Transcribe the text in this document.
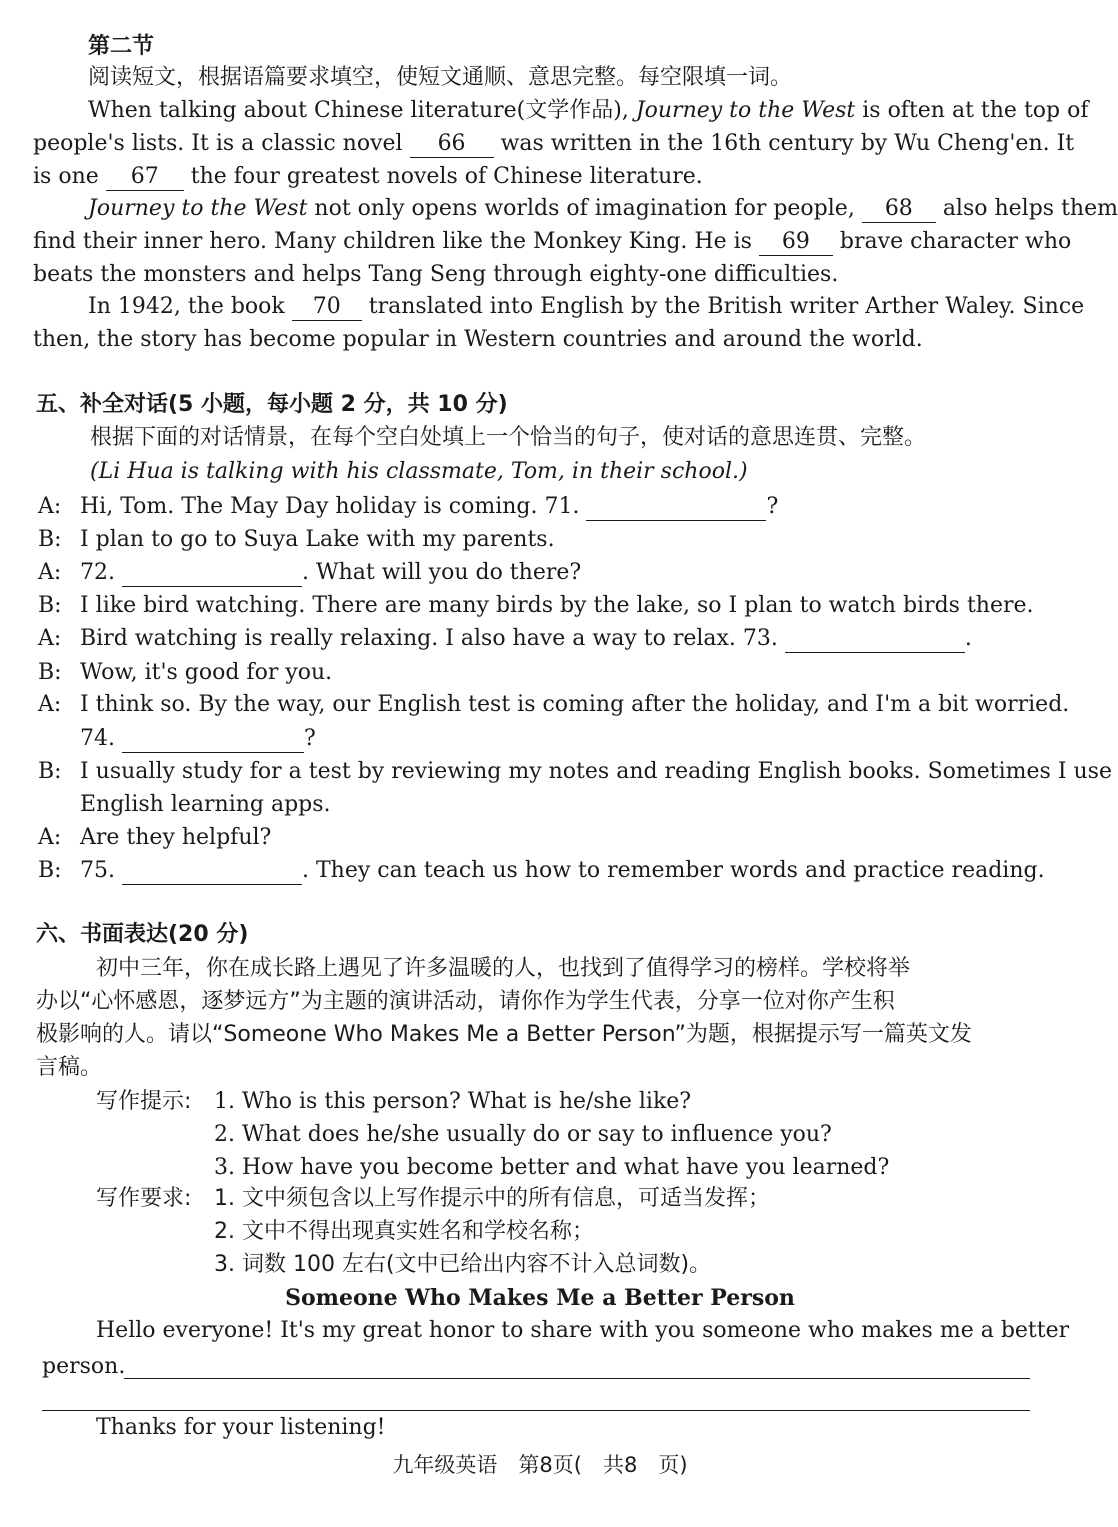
第二节
阅读短文，根据语篇要求填空，使短文通顺、意思完整。每空限填一词。
When talking about Chinese literature(文学作品), Journey to the West is often at the top of
people's lists. It is a classic novel 66 was written in the 16th century by Wu Cheng'en. It
is one 67 the four greatest novels of Chinese literature.
Journey to the West not only opens worlds of imagination for people, 68 also helps them
find their inner hero. Many children like the Monkey King. He is 69 brave character who
beats the monsters and helps Tang Seng through eighty-one difficulties.
In 1942, the book 70 translated into English by the British writer Arther Waley. Since
then, the story has become popular in Western countries and around the world.
五、补全对话(5 小题，每小题 2 分，共 10 分)
根据下面的对话情景，在每个空白处填上一个恰当的句子，使对话的意思连贯、完整。
(Li Hua is talking with his classmate, Tom, in their school.)
A: Hi, Tom. The May Day holiday is coming. 71.	?
B: I plan to go to Suya Lake with my parents.
A: 72.	. What will you do there?
B: I like bird watching. There are many birds by the lake, so I plan to watch birds there.
A: Bird watching is really relaxing. I also have a way to relax. 73.	.
B: Wow, it's good for you.
A: I think so. By the way, our English test is coming after the holiday, and I'm a bit worried.
74.	?
B: I usually study for a test by reviewing my notes and reading English books. Sometimes I use
English learning apps.
A: Are they helpful?
B: 75.	. They can teach us how to remember words and practice reading.
六、书面表达(20 分)
初中三年，你在成长路上遇见了许多温暖的人，也找到了值得学习的榜样。学校将举
办以“心怀感恩，逐梦远方”为主题的演讲活动，请你作为学生代表，分享一位对你产生积
极影响的人。请以“Someone Who Makes Me a Better Person”为题，根据提示写一篇英文发
言稿。
写作提示: 1. Who is this person? What is he/she like?
2. What does he/she usually do or say to influence you?
3. How have you become better and what have you learned?
写作要求: 1. 文中须包含以上写作提示中的所有信息，可适当发挥；
2. 文中不得出现真实姓名和学校名称；
3. 词数 100 左右(文中已给出内容不计入总词数)。
Someone Who Makes Me a Better Person
Hello everyone! It's my great honor to share with you someone who makes me a better
person.
Thanks for your listening!
九年级英语　第8页(　共8　页)
